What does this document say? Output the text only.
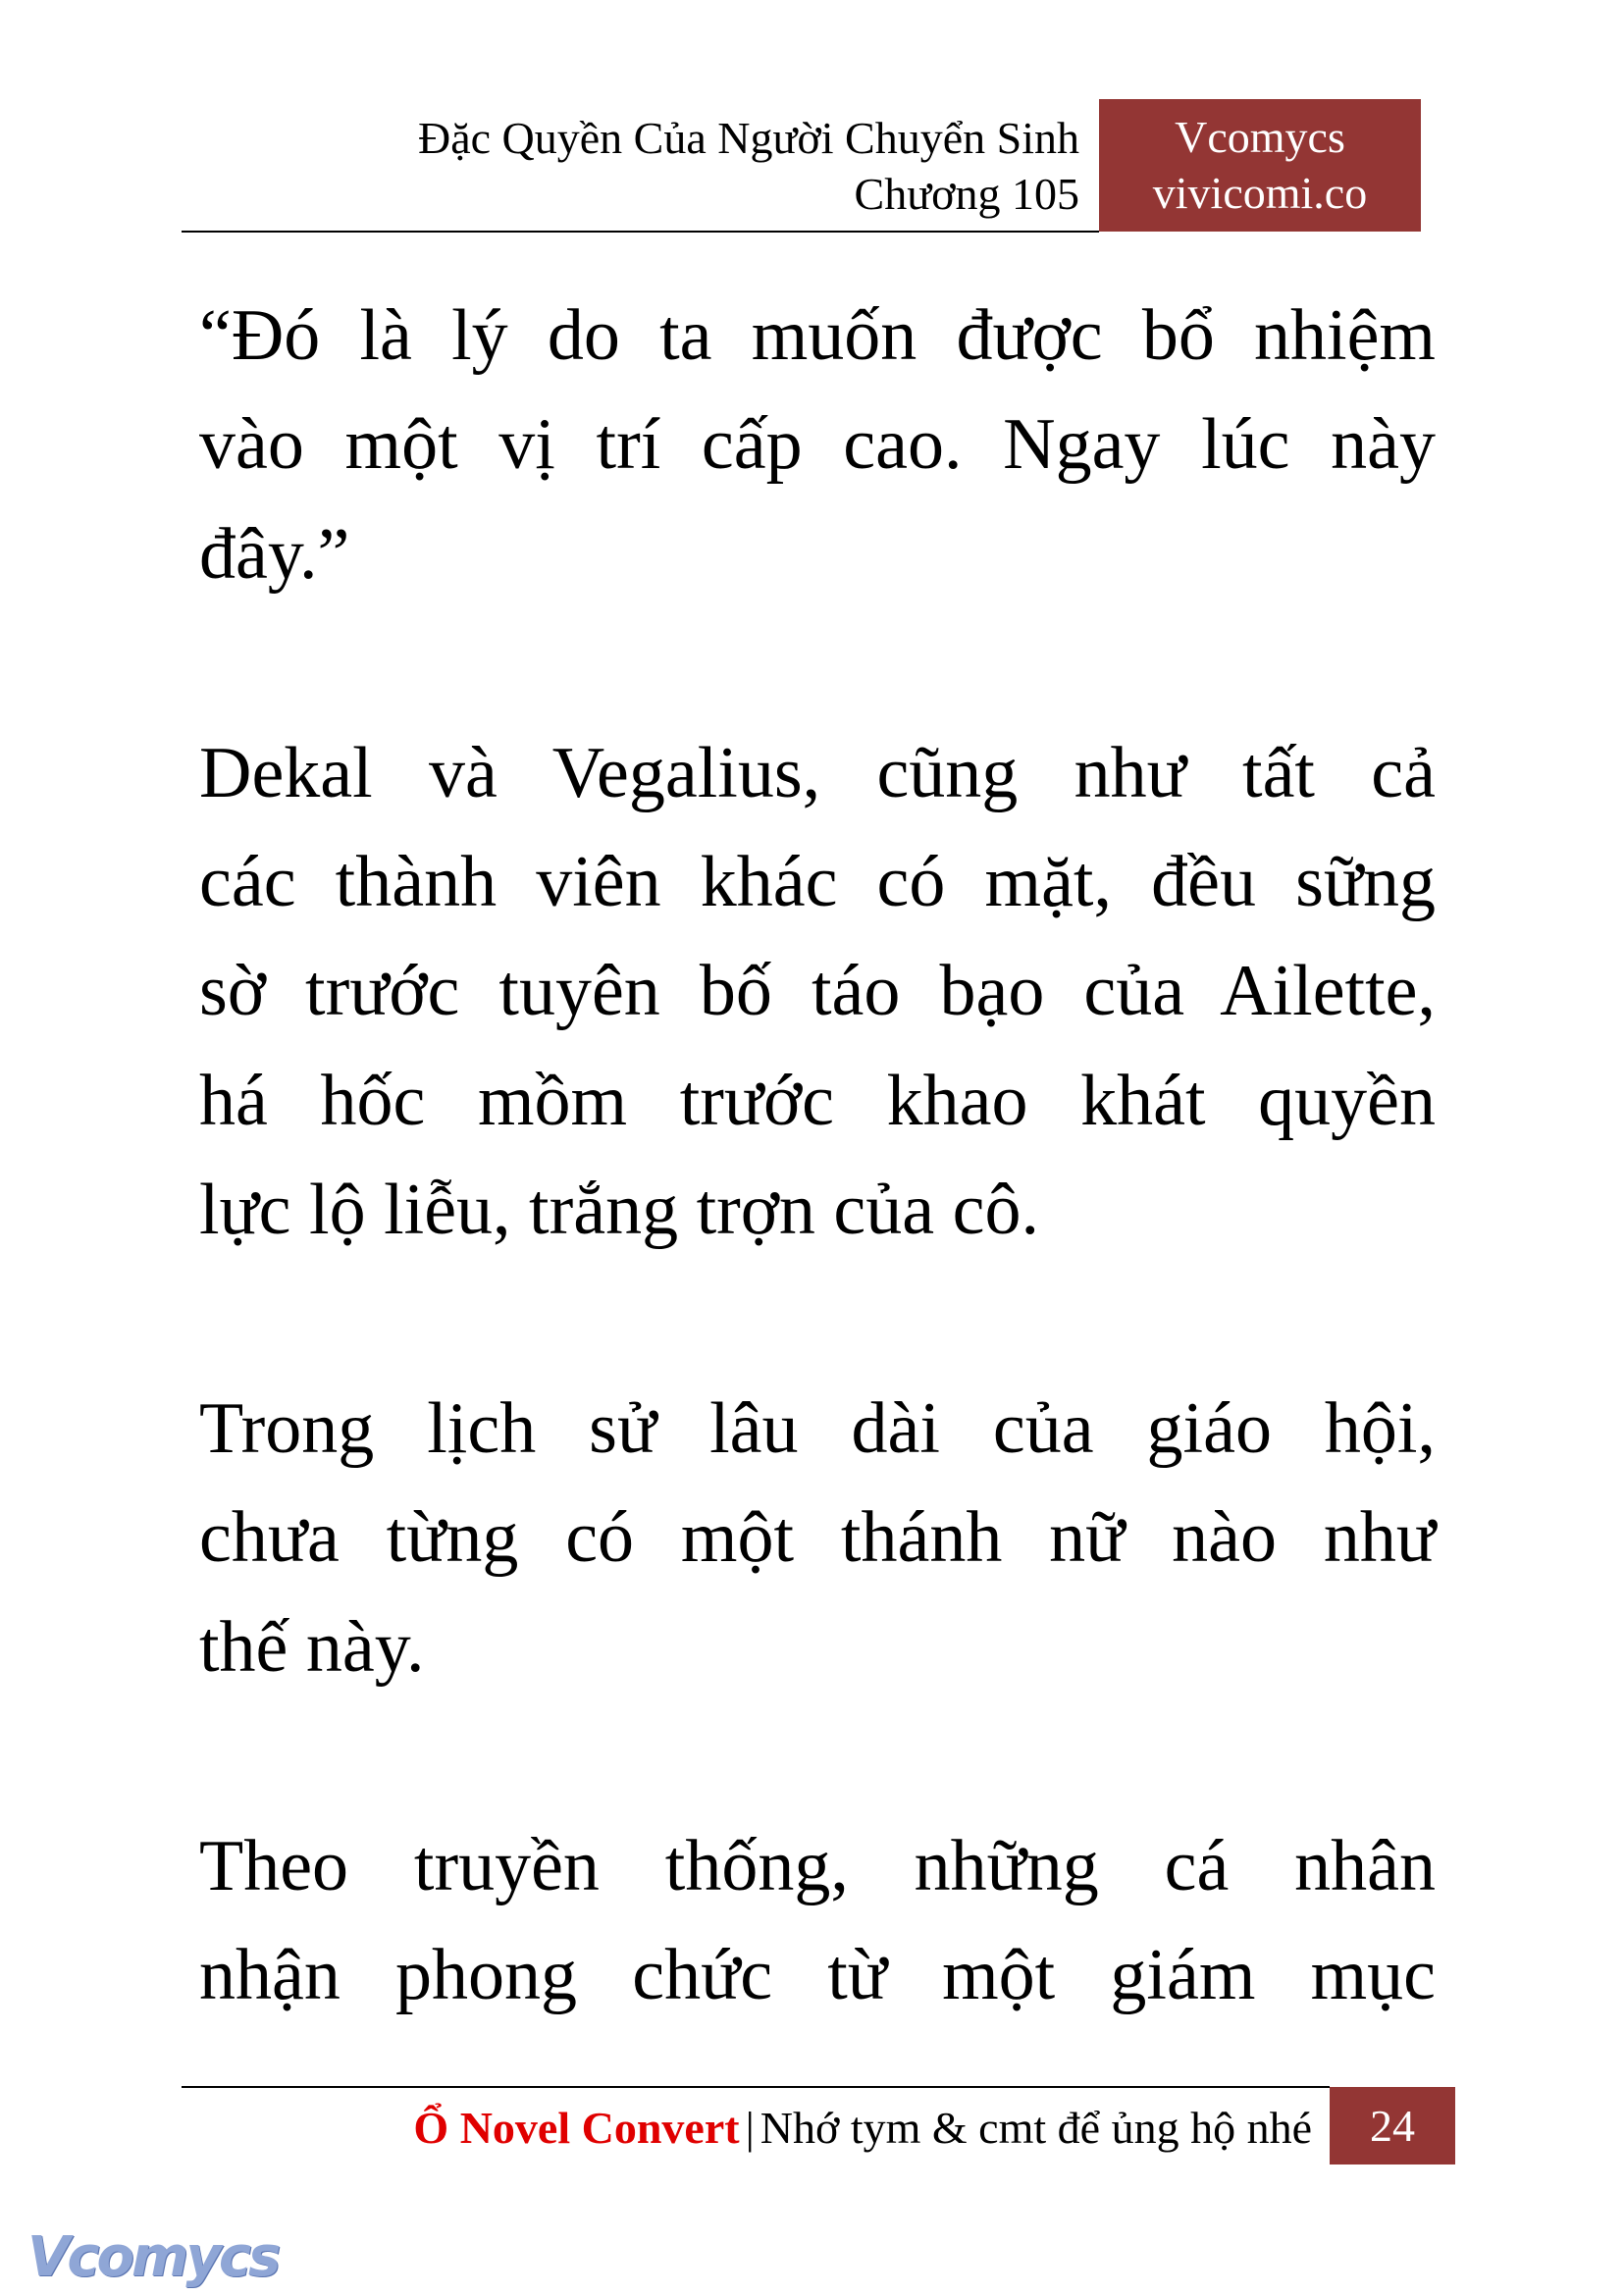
Đặc Quyền Của Người Chuyển Sinh
Chương 105
Vcomycs
vivicomi.co
“Đó là lý do ta muốn được bổ nhiệm
vào một vị trí cấp cao. Ngay lúc này
đây.”
Dekal và Vegalius, cũng như tất cả
các thành viên khác có mặt, đều sững
sờ trước tuyên bố táo bạo của Ailette,
há hốc mồm trước khao khát quyền
lực lộ liễu, trắng trợn của cô.
Trong lịch sử lâu dài của giáo hội,
chưa từng có một thánh nữ nào như
thế này.
Theo truyền thống, những cá nhân
nhận phong chức từ một giám mục
Ổ Novel Convert | Nhớ tym & cmt để ủng hộ nhé	24
Vcomycs
